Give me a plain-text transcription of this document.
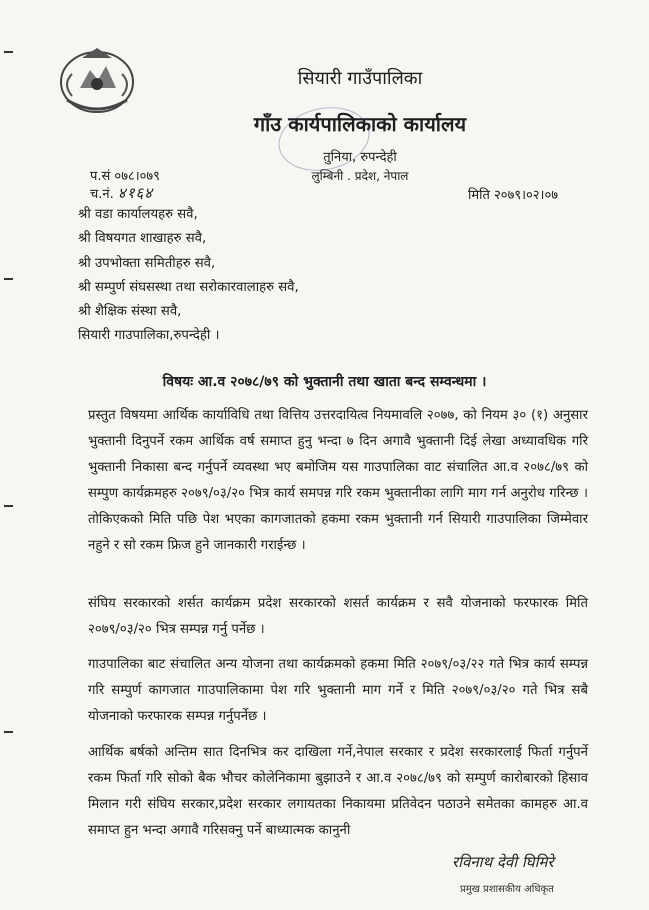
सियारी गाउँपालिका
गाँउ कार्यपालिकाको कार्यालय
तुनिया, रुपन्देही
लुम्बिनी . प्रदेश, नेपाल
प.सं ०७८।०७९
च.नं. ४१६४	मिति २०७९।०२।०७
श्री वडा कार्यालयहरु सवै,
श्री विषयगत शाखाहरु सवै,
श्री उपभोक्ता समितीहरु सवै,
श्री सम्पुर्ण संघसस्था तथा सरोकारवालाहरु सवै,
श्री शैक्षिक संस्था सवै,
सियारी गाउपालिका,रुपन्देही ।
विषयः आ.व २०७८/७९ को भुक्तानी तथा खाता बन्द सम्वन्धमा ।
प्रस्तुत विषयमा आर्थिक कार्याविधि तथा वित्तिय उत्तरदायित्व नियमावलि २०७७, को नियम ३० (१) अनुसार भुक्तानी दिनुपर्ने रकम आर्थिक वर्ष समाप्त हुनु भन्दा ७ दिन अगावै भुक्तानी दिई लेखा अध्यावधिक गरि भुक्तानी निकासा बन्द गर्नुपर्ने व्यवस्था भए बमोजिम यस गाउपालिका वाट संचालित आ.व २०७८/७९ को सम्पुण कार्यक्रमहरु २०७९/०३/२० भित्र कार्य समपन्न गरि रकम भुक्तानीका लागि माग गर्न अनुरोध गरिन्छ । तोकिएकको मिति पछि पेश भएका कागजातको हकमा रकम भुक्तानी गर्न सियारी गाउपालिका जिम्मेवार नहुने र सो रकम फ्रिज हुने जानकारी गराईन्छ ।
संघिय सरकारको शर्सत कार्यक्रम प्रदेश सरकारको शसर्त कार्यक्रम र सवै योजनाको फरफारक मिति २०७९/०३/२० भित्र सम्पन्न गर्नु पर्नेछ ।
गाउपालिका बाट संचालित अन्य योजना तथा कार्यक्रमको हकमा मिति २०७९/०३/२२ गते भित्र कार्य सम्पन्न गरि सम्पुर्ण कागजात गाउपालिकामा पेश गरि भुक्तानी माग गर्ने र मिति २०७९/०३/२० गते भित्र सबै योजनाको फरफारक सम्पन्न गर्नुपर्नेछ ।
आर्थिक बर्षको अन्तिम सात दिनभित्र कर दाखिला गर्ने,नेपाल सरकार र प्रदेश सरकारलाई फिर्ता गर्नुपर्ने रकम फिर्ता गरि सोको बैक भौचर कोलेनिकामा बुझाउने र आ.व २०७८/७९ को सम्पुर्ण कारोबारको हिसाव मिलान गरी संघिय सरकार,प्रदेश सरकार लगायतका निकायमा प्रतिवेदन पठाउने समेतका कामहरु आ.व समाप्त हुन भन्दा अगावै गरिसक्नु पर्ने बाध्यात्मक कानुनी
रविनाथ देवी घिमिरे
प्रमुख प्रशासकीय अधिकृत
